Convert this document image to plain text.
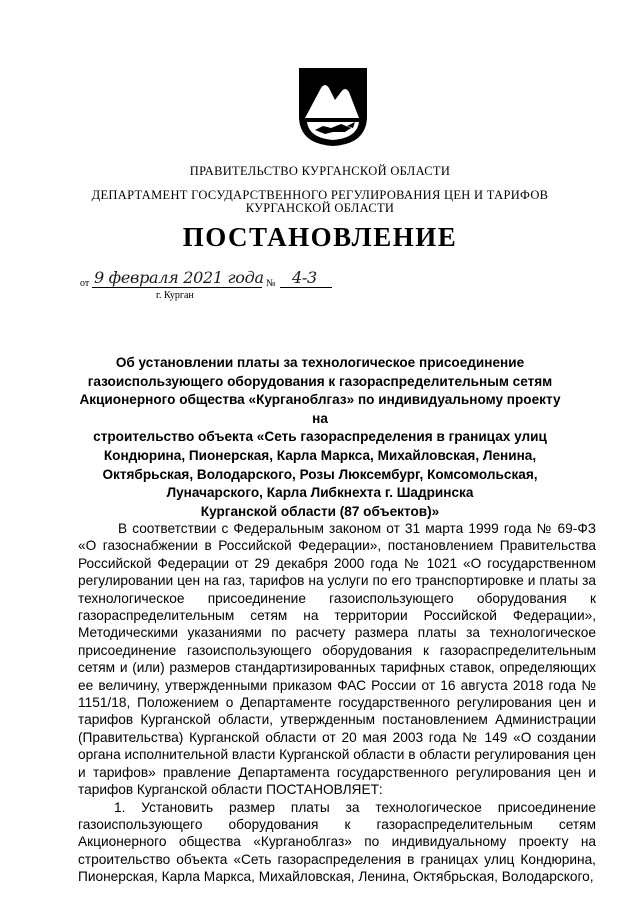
ПРАВИТЕЛЬСТВО КУРГАНСКОЙ ОБЛАСТИ
ДЕПАРТАМЕНТ ГОСУДАРСТВЕННОГО РЕГУЛИРОВАНИЯ ЦЕН И ТАРИФОВ
КУРГАНСКОЙ ОБЛАСТИ
ПОСТАНОВЛЕНИЕ
от 9 февраля 2021 года № 4-3
г. Курган
Об установлении платы за технологическое присоединение
газоиспользующего оборудования к газораспределительным сетям
Акционерного общества «Курганоблгаз» по индивидуальному проекту на
строительство объекта «Сеть газораспределения в границах улиц
Кондюрина, Пионерская, Карла Маркса, Михайловская, Ленина,
Октябрьская, Володарского, Розы Люксембург, Комсомольская,
Луначарского, Карла Либкнехта г. Шадринска
Курганской области (87 объектов)»

В соответствии с Федеральным законом от 31 марта 1999 года № 69-ФЗ «О газоснабжении в Российской Федерации», постановлением Правительства Российской Федерации от 29 декабря 2000 года № 1021 «О государственном регулировании цен на газ, тарифов на услуги по его транспортировке и платы за технологическое присоединение газоиспользующего оборудования к газораспределительным сетям на территории Российской Федерации», Методическими указаниями по расчету размера платы за технологическое присоединение газоиспользующего оборудования к газораспределительным сетям и (или) размеров стандартизированных тарифных ставок, определяющих ее величину, утвержденными приказом ФАС России от 16 августа 2018 года № 1151/18, Положением о Департаменте государственного регулирования цен и тарифов Курганской области, утвержденным постановлением Администрации (Правительства) Курганской области от 20 мая 2003 года № 149 «О создании органа исполнительной власти Курганской области в области регулирования цен и тарифов» правление Департамента государственного регулирования цен и тарифов Курганской области ПОСТАНОВЛЯЕТ:

1. Установить размер платы за технологическое присоединение газоиспользующего оборудования к газораспределительным сетям Акционерного общества «Курганоблгаз» по индивидуальному проекту на строительство объекта «Сеть газораспределения в границах улиц Кондюрина, Пионерская, Карла Маркса, Михайловская, Ленина, Октябрьская, Володарского,
